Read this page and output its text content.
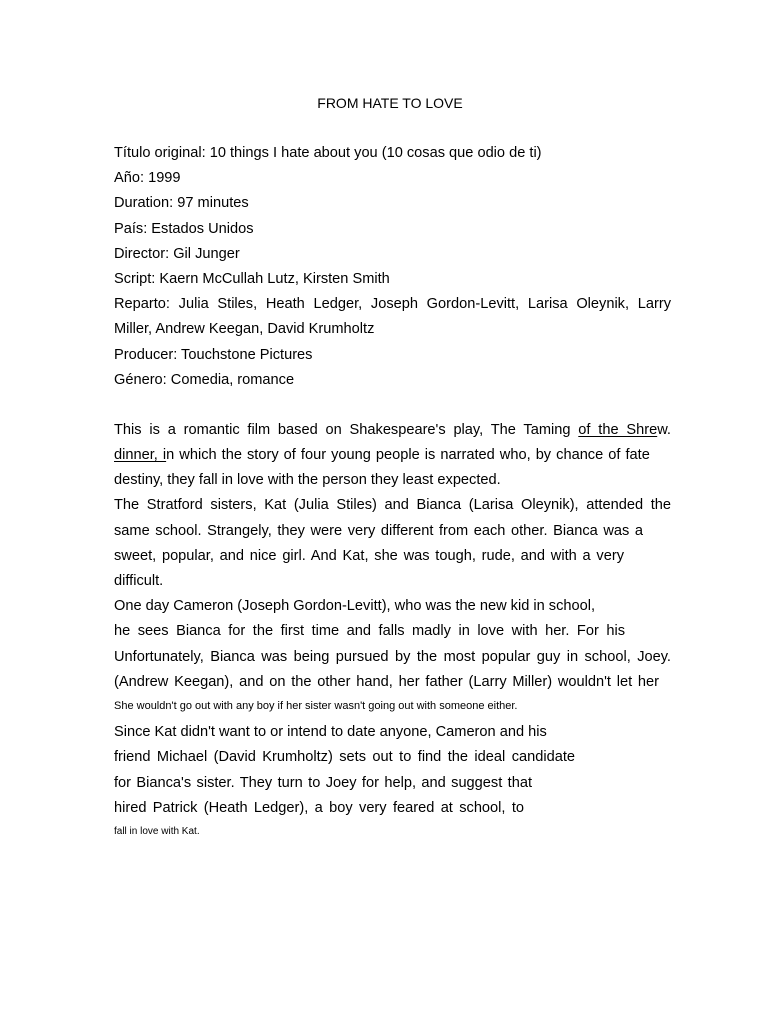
FROM HATE TO LOVE
Título original: 10 things I hate about you (10 cosas que odio de ti)
Año: 1999
Duration: 97 minutes
País: Estados Unidos
Director: Gil Junger
Script: Kaern McCullah Lutz, Kirsten Smith
Reparto: Julia Stiles, Heath Ledger, Joseph Gordon-Levitt, Larisa Oleynik, Larry
Miller, Andrew Keegan, David Krumholtz
Producer: Touchstone Pictures
Género: Comedia, romance
This is a romantic film based on Shakespeare's play, The Taming of the Shrew.
dinner, in which the story of four young people is narrated who, by chance of fate
destiny, they fall in love with the person they least expected.
The Stratford sisters, Kat (Julia Stiles) and Bianca (Larisa Oleynik), attended the
same school. Strangely, they were very different from each other. Bianca was a
sweet, popular, and nice girl. And Kat, she was tough, rude, and with a very
difficult.
One day Cameron (Joseph Gordon-Levitt), who was the new kid in school,
he sees Bianca for the first time and falls madly in love with her. For his
Unfortunately, Bianca was being pursued by the most popular guy in school, Joey.
(Andrew Keegan), and on the other hand, her father (Larry Miller) wouldn't let her
She wouldn't go out with any boy if her sister wasn't going out with someone either.
Since Kat didn't want to or intend to date anyone, Cameron and his
friend Michael (David Krumholtz) sets out to find the ideal candidate
for Bianca's sister. They turn to Joey for help, and suggest that
hired Patrick (Heath Ledger), a boy very feared at school, to
fall in love with Kat.
